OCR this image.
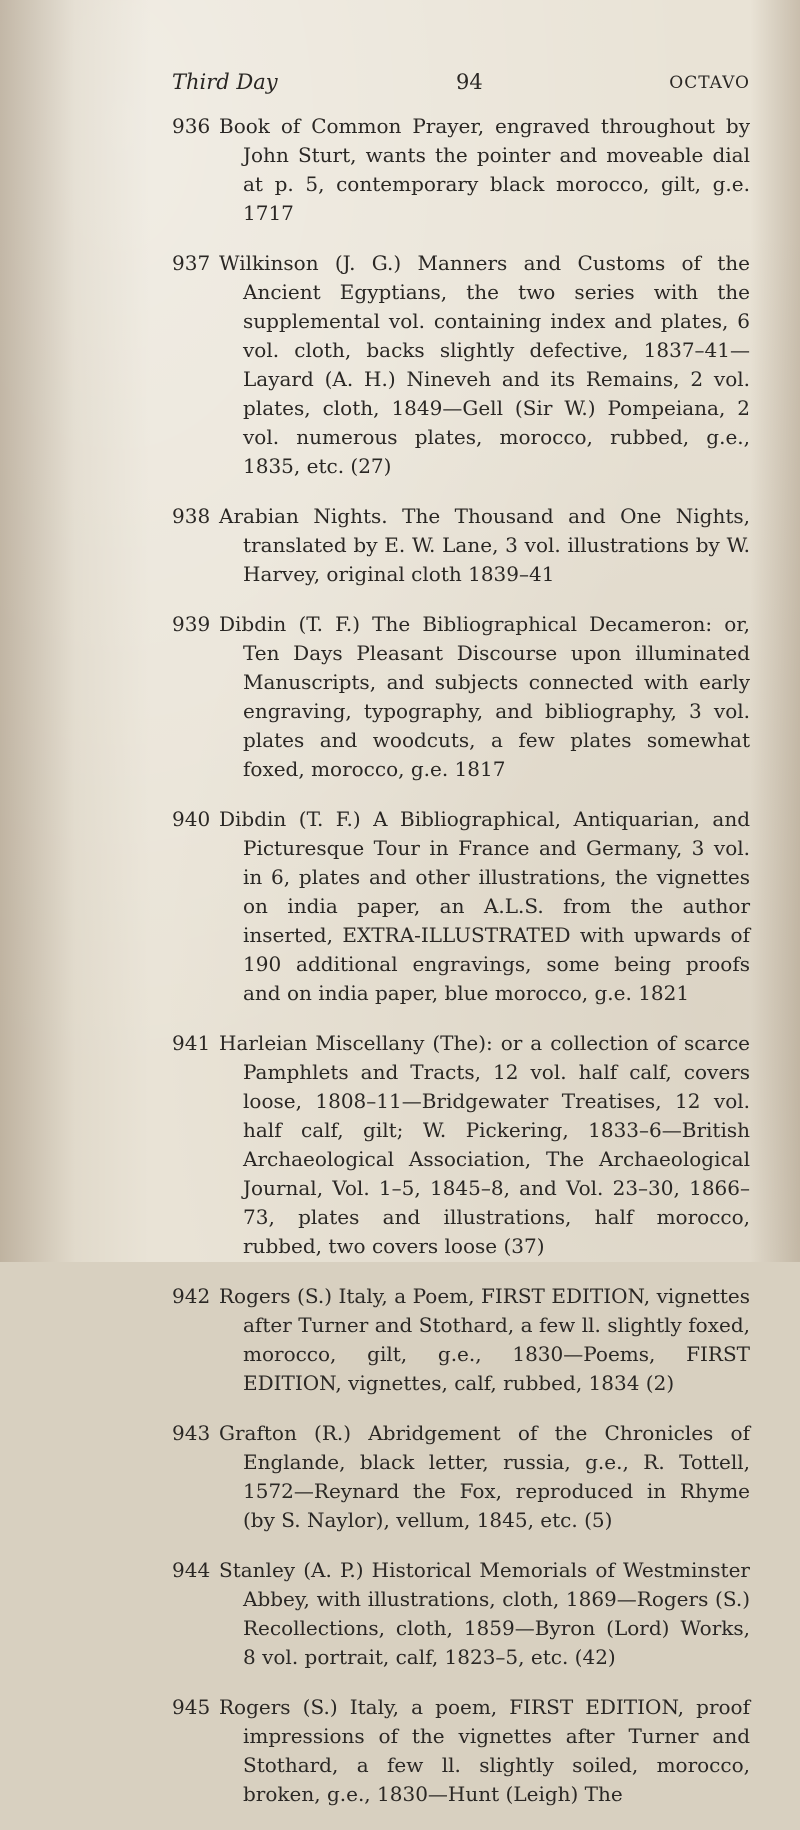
Third Day	94	OCTAVO
936 Book of Common Prayer, engraved throughout by John Sturt, wants the pointer and moveable dial at p. 5, contemporary black morocco, gilt, g.e. 1717
937 Wilkinson (J. G.) Manners and Customs of the Ancient Egyptians, the two series with the supplemental vol. containing index and plates, 6 vol. cloth, backs slightly defective, 1837–41—Layard (A. H.) Nineveh and its Remains, 2 vol. plates, cloth, 1849—Gell (Sir W.) Pompeiana, 2 vol. numerous plates, morocco, rubbed, g.e., 1835, etc. (27)
938 Arabian Nights. The Thousand and One Nights, translated by E. W. Lane, 3 vol. illustrations by W. Harvey, original cloth 1839–41
939 Dibdin (T. F.) The Bibliographical Decameron: or, Ten Days Pleasant Discourse upon illuminated Manuscripts, and subjects connected with early engraving, typography, and bibliography, 3 vol. plates and woodcuts, a few plates somewhat foxed, morocco, g.e. 1817
940 Dibdin (T. F.) A Bibliographical, Antiquarian, and Picturesque Tour in France and Germany, 3 vol. in 6, plates and other illustrations, the vignettes on india paper, an A.L.S. from the author inserted, EXTRA-ILLUSTRATED with upwards of 190 additional engravings, some being proofs and on india paper, blue morocco, g.e. 1821
941 Harleian Miscellany (The): or a collection of scarce Pamphlets and Tracts, 12 vol. half calf, covers loose, 1808–11—Bridgewater Treatises, 12 vol. half calf, gilt; W. Pickering, 1833–6—British Archaeological Association, The Archaeological Journal, Vol. 1–5, 1845–8, and Vol. 23–30, 1866–73, plates and illustrations, half morocco, rubbed, two covers loose (37)
942 Rogers (S.) Italy, a Poem, FIRST EDITION, vignettes after Turner and Stothard, a few ll. slightly foxed, morocco, gilt, g.e., 1830—Poems, FIRST EDITION, vignettes, calf, rubbed, 1834 (2)
943 Grafton (R.) Abridgement of the Chronicles of Englande, black letter, russia, g.e., R. Tottell, 1572—Reynard the Fox, reproduced in Rhyme (by S. Naylor), vellum, 1845, etc. (5)
944 Stanley (A. P.) Historical Memorials of Westminster Abbey, with illustrations, cloth, 1869—Rogers (S.) Recollections, cloth, 1859—Byron (Lord) Works, 8 vol. portrait, calf, 1823–5, etc. (42)
945 Rogers (S.) Italy, a poem, FIRST EDITION, proof impressions of the vignettes after Turner and Stothard, a few ll. slightly soiled, morocco, broken, g.e., 1830—Hunt (Leigh) The
